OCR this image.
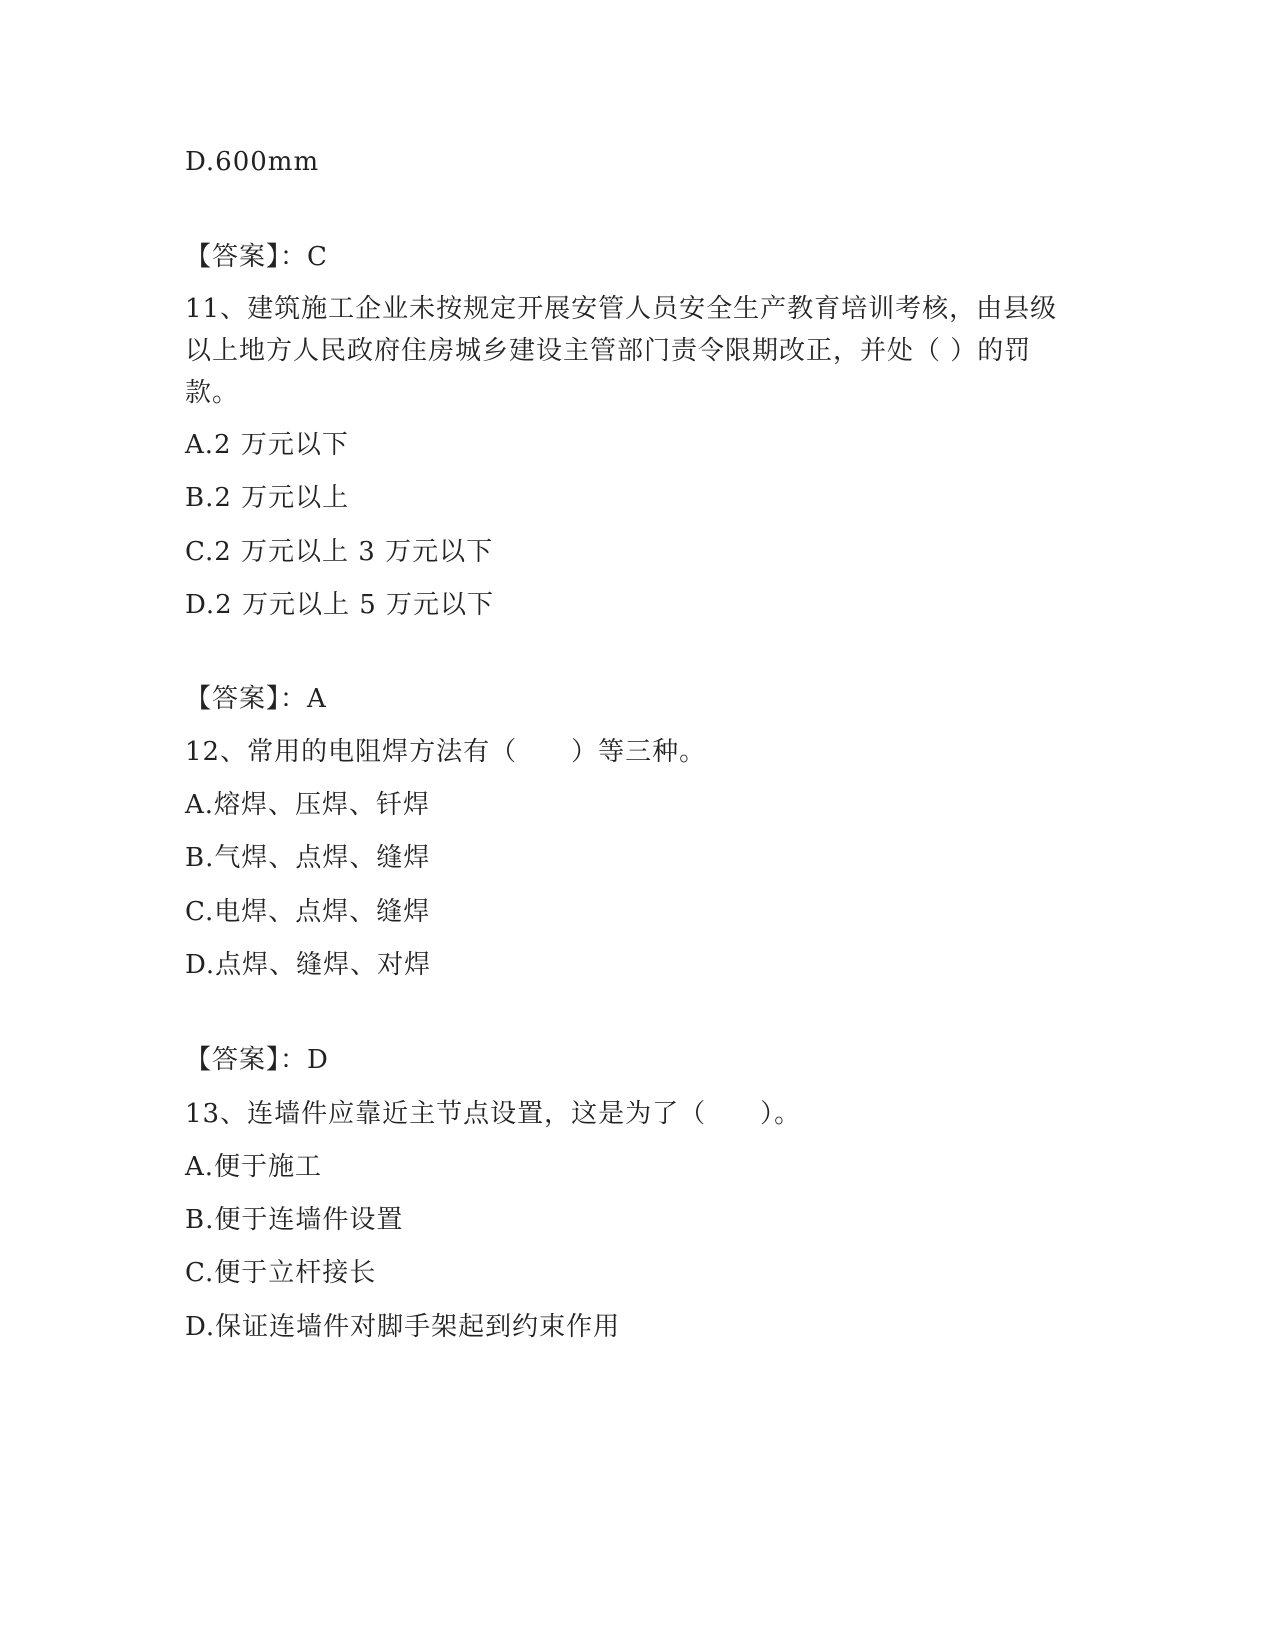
D.600mm
【答案】：C
11、建筑施工企业未按规定开展安管人员安全生产教育培训考核，由县级以上地方人民政府住房城乡建设主管部门责令限期改正，并处（ ）的罚款。
A.2 万元以下
B.2 万元以上
C.2 万元以上 3 万元以下
D.2 万元以上 5 万元以下
【答案】：A
12、常用的电阻焊方法有（　　）等三种。
A.熔焊、压焊、钎焊
B.气焊、点焊、缝焊
C.电焊、点焊、缝焊
D.点焊、缝焊、对焊
【答案】：D
13、连墙件应靠近主节点设置，这是为了（　　）。
A.便于施工
B.便于连墙件设置
C.便于立杆接长
D.保证连墙件对脚手架起到约束作用
